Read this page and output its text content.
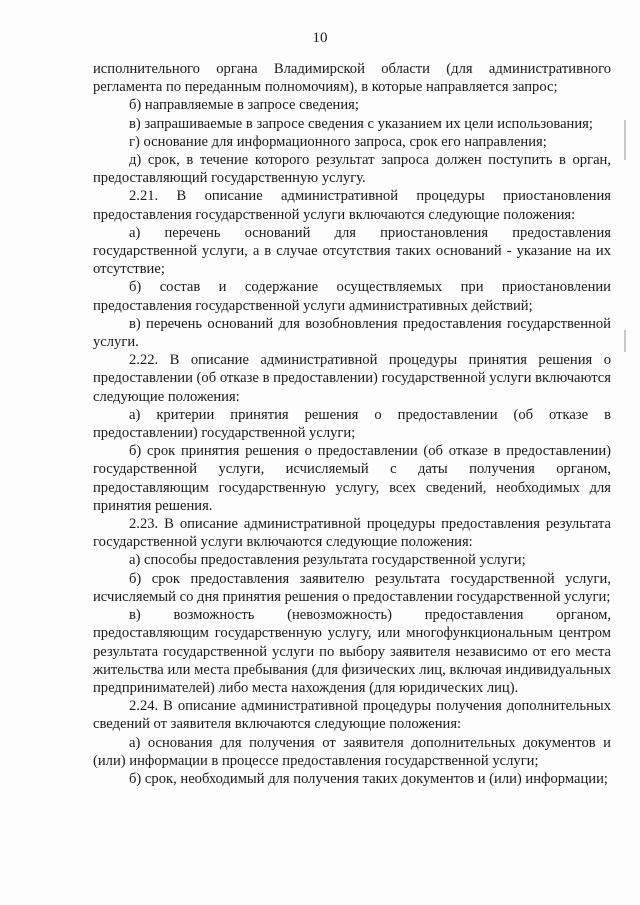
10

исполнительного органа Владимирской области (для административного регламента по переданным полномочиям), в которые направляется запрос;

б) направляемые в запросе сведения;

в) запрашиваемые в запросе сведения с указанием их цели использования;

г) основание для информационного запроса, срок его направления;

д) срок, в течение которого результат запроса должен поступить в орган, предоставляющий государственную услугу.

2.21. В описание административной процедуры приостановления предоставления государственной услуги включаются следующие положения:

а) перечень оснований для приостановления предоставления государственной услуги, а в случае отсутствия таких оснований - указание на их отсутствие;

б) состав и содержание осуществляемых при приостановлении предоставления государственной услуги административных действий;

в) перечень оснований для возобновления предоставления государственной услуги.

2.22. В описание административной процедуры принятия решения о предоставлении (об отказе в предоставлении) государственной услуги включаются следующие положения:

а) критерии принятия решения о предоставлении (об отказе в предоставлении) государственной услуги;

б) срок принятия решения о предоставлении (об отказе в предоставлении) государственной услуги, исчисляемый с даты получения органом, предоставляющим государственную услугу, всех сведений, необходимых для принятия решения.

2.23. В описание административной процедуры предоставления результата государственной услуги включаются следующие положения:

а) способы предоставления результата государственной услуги;

б) срок предоставления заявителю результата государственной услуги, исчисляемый со дня принятия решения о предоставлении государственной услуги;

в) возможность (невозможность) предоставления органом, предоставляющим государственную услугу, или многофункциональным центром результата государственной услуги по выбору заявителя независимо от его места жительства или места пребывания (для физических лиц, включая индивидуальных предпринимателей) либо места нахождения (для юридических лиц).

2.24. В описание административной процедуры получения дополнительных сведений от заявителя включаются следующие положения:

а) основания для получения от заявителя дополнительных документов и (или) информации в процессе предоставления государственной услуги;

б) срок, необходимый для получения таких документов и (или) информации;
